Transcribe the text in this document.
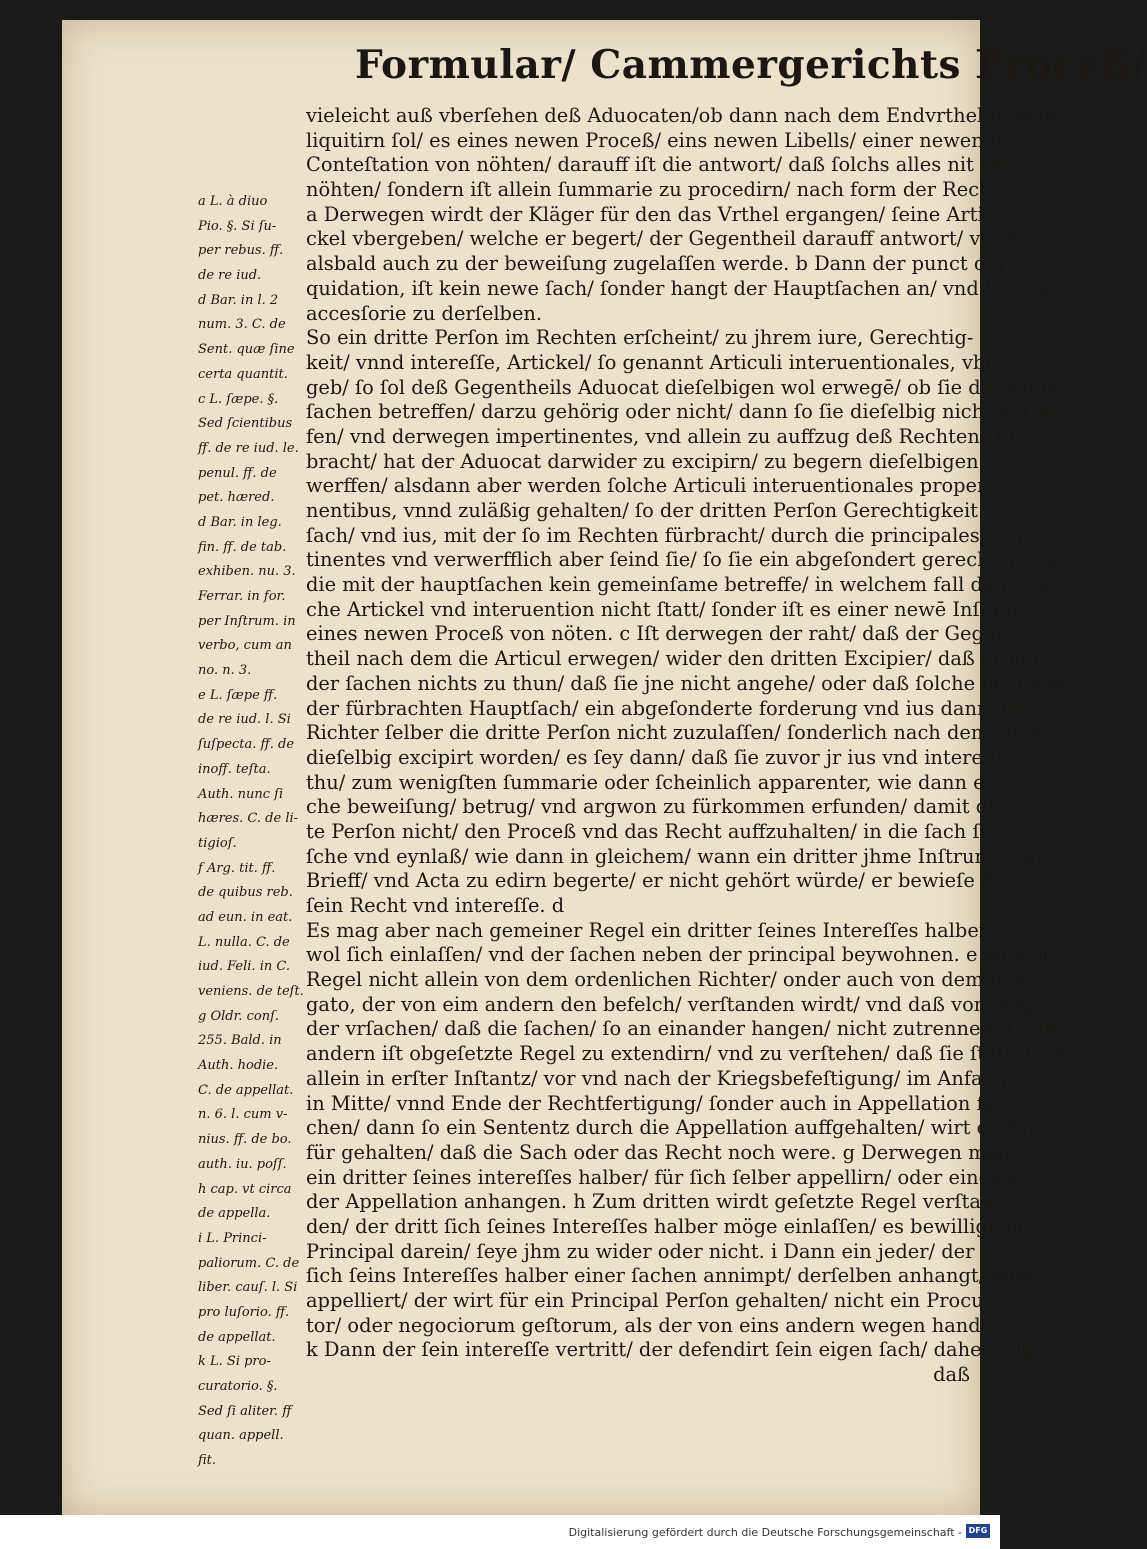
Formular/ Cammergerichts Proceß/
vieleicht auß vberſehen deß Aduocaten/ob dann nach dem Endvrthel ſo man
liquitirn ſol/ es eines newen Proceß/ eins newen Libells/ einer newen litis
Conteſtation von nöhten/ darauff iſt die antwort/ daß ſolchs alles nit von
nöhten/ ſondern iſt allein ſummarie zu procedirn/ nach form der Rechten.
a Derwegen wirdt der Kläger für den das Vrthel ergangen/ ſeine Arti-
ckel vbergeben/ welche er begert/ der Gegentheil darauff antwort/ vnnd er
alsbald auch zu der beweiſung zugelaſſen werde. b Dann der punct der li-
quidation, iſt kein newe ſach/ ſonder hangt der Hauptſachen an/ vnd kompe
accesſorie zu derſelben.
So ein dritte Perſon im Rechten erſcheint/ zu jhrem iure, Gerechtig-
keit/ vnnd intereſſe, Artickel/ ſo genannt Articuli interuentionales, vber-
geb/ ſo ſol deß Gegentheils Aduocat dieſelbigen wol erwegē/ ob ſie die haupt
ſachen betreffen/ darzu gehörig oder nicht/ dann ſo ſie dieſelbig nicht antref-
fen/ vnd derwegen impertinentes, vnd allein zu auffzug deß Rechtens für-
bracht/ hat der Aduocat darwider zu excipirn/ zu begern dieſelbigen zu ver-
werffen/ alsdann aber werden ſolche Articuli interuentionales properti-
nentibus, vnnd zuläßig gehalten/ ſo der dritten Perſon Gerechtigkeit ein
ſach/ vnd ius, mit der ſo im Rechten fürbracht/ durch die principales, imper
tinentes vnd verwerfflich aber ſeind ſie/ ſo ſie ein abgeſondert gerechtigkeit/
die mit der hauptſachen kein gemeinſame betreffe/ in welchem fall dann ſol-
che Artickel vnd interuention nicht ſtatt/ ſonder iſt es einer newē Inſtantz/
eines newen Proceß von nöten. c Iſt derwegen der raht/ daß der Gegen-
theil nach dem die Articul erwegen/ wider den dritten Excipier/ daß er mit
der ſachen nichts zu thun/ daß ſie jne nicht angehe/ oder daß ſolche ſach von
der fürbrachten Hauptſach/ ein abgeſonderte forderung vnd ius dann der
Richter ſelber die dritte Perſon nicht zuzulaſſen/ ſonderlich nach dem wider
dieſelbig excipirt worden/ es ſey dann/ daß ſie zuvor jr ius vnd intereſſe dar-
thu/ zum wenigſten ſummarie oder ſcheinlich apparenter, wie dann ein ſol-
che beweiſung/ betrug/ vnd argwon zu fürkommen erfunden/ damit die drit-
te Perſon nicht/ den Proceß vnd das Recht auffzuhalten/ in die ſach ſich mi-
ſche vnd eynlaß/ wie dann in gleichem/ wann ein dritter jhme Inſtrumenta,
Brieff/ vnd Acta zu edirn begerte/ er nicht gehört würde/ er bewieſe dann
ſein Recht vnd intereſſe. d
Es mag aber nach gemeiner Regel ein dritter ſeines Intereſſes halber
wol ſich einlaſſen/ vnd der ſachen neben der principal beywohnen. e Welche
Regel nicht allein von dem ordenlichen Richter/ onder auch von dem dele-
gato, der von eim andern den befelch/ verſtanden wirdt/ vnd daß von wegen
der vrſachen/ daß die ſachen/ ſo an einander hangen/ nicht zutrennen. f Zum
andern iſt obgeſetzte Regel zu extendirn/ vnd zu verſtehen/ daß ſie ſtatt/ nicht
allein in erſter Inſtantz/ vor vnd nach der Kriegsbefeſtigung/ im Anfang/
in Mitte/ vnnd Ende der Rechtfertigung/ ſonder auch in Appellation ſa-
chen/ dann ſo ein Sententz durch die Appellation auffgehalten/ wirt es dar-
für gehalten/ daß die Sach oder das Recht noch were. g Derwegen mag
ein dritter ſeines intereſſes halber/ für ſich ſelber appellirn/ oder eines an-
der Appellation anhangen. h Zum dritten wirdt geſetzte Regel verſtan-
den/ der dritt ſich ſeines Intereſſes halber möge einlaſſen/ es bewillige der
Principal darein/ ſeye jhm zu wider oder nicht. i Dann ein jeder/ der
ſich ſeins Intereſſes halber einer ſachen annimpt/ derſelben anhangt/ oder
appelliert/ der wirt für ein Principal Perſon gehalten/ nicht ein Procura-
tor/ oder negociorum geſtorum, als der von eins andern wegen handelte.
k Dann der ſein intereſſe vertritt/ der defendirt ſein eigen ſach/ daher folgt
daß
a L. à diuo
Pio. §. Si ſu-
per rebus. ff.
de re iud.
d Bar. in l. 2
num. 3. C. de
Sent. quæ ſine
certa quantit.
c L. ſæpe. §.
Sed ſcientibus
ff. de re iud. le.
penul. ff. de
pet. hæred.
d Bar. in leg.
fin. ff. de tab.
exhiben. nu. 3.
Ferrar. in for.
per Inſtrum. in
verbo, cum an
no. n. 3.
e L. ſæpe ff.
de re iud. l. Si
ſuſpecta. ff. de
inoff. teſta.
Auth. nunc ſi
hæres. C. de li-
tigioſ.
f Arg. tit. ff.
de quibus reb.
ad eun. in eat.
L. nulla. C. de
iud. Feli. in C.
veniens. de teſt.
g Oldr. conſ.
255. Bald. in
Auth. hodie.
C. de appellat.
n. 6. l. cum v-
nius. ff. de bo.
auth. iu. poſſ.
h cap. vt circa
de appella.
i L. Princi-
paliorum. C. de
liber. cauſ. l. Si
pro luſorio. ff.
de appellat.
k L. Si pro-
curatorio. §.
Sed ſi aliter. ff
quan. appell.
fit.
Digitalisierung gefördert durch die Deutsche Forschungsgemeinschaft - DFG
